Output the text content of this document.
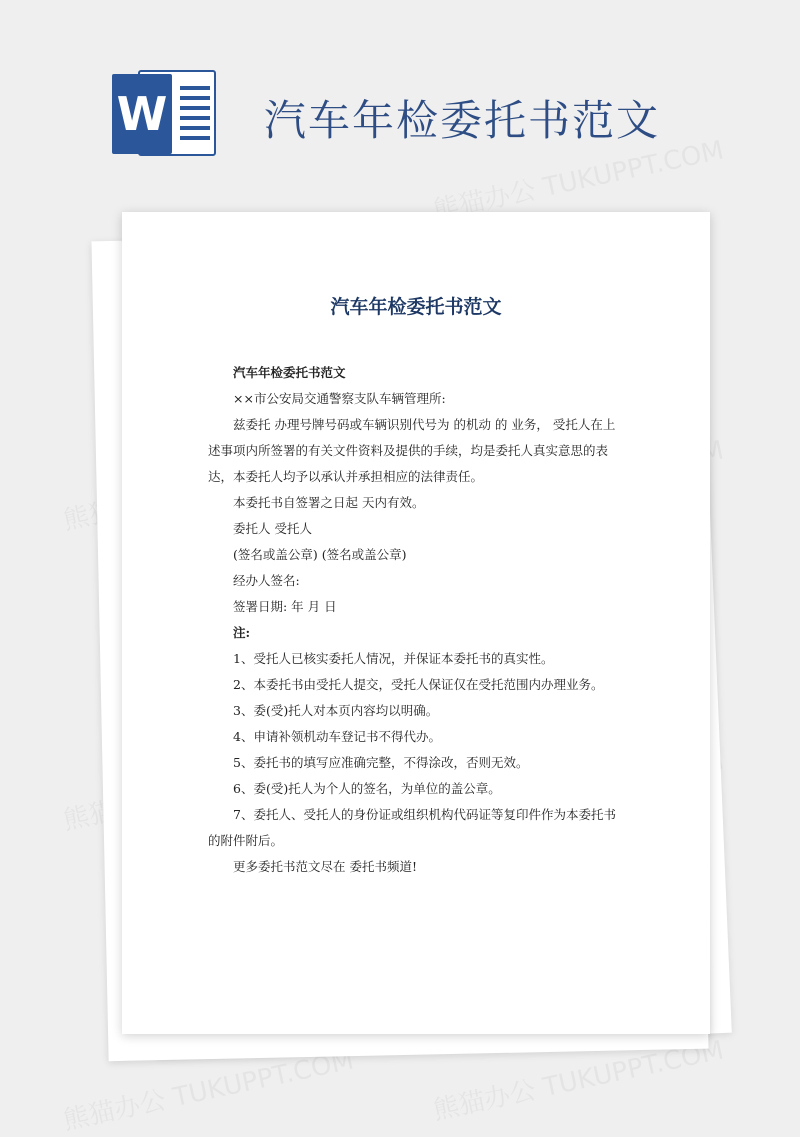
W 汽车年检委托书范文
汽车年检委托书范文

汽车年检委托书范文

××市公安局交通警察支队车辆管理所:

兹委托 办理号牌号码或车辆识别代号为 的机动 的 业务， 受托人在上述事项内所签署的有关文件资料及提供的手续，均是委托人真实意思的表达，本委托人均予以承认并承担相应的法律责任。

本委托书自签署之日起 天内有效。

委托人 受托人

(签名或盖公章) (签名或盖公章)

经办人签名:

签署日期: 年 月 日

注:

1、受托人已核实委托人情况，并保证本委托书的真实性。

2、本委托书由受托人提交，受托人保证仅在受托范围内办理业务。

3、委(受)托人对本页内容均以明确。

4、申请补领机动车登记书不得代办。

5、委托书的填写应准确完整，不得涂改，否则无效。

6、委(受)托人为个人的签名，为单位的盖公章。

7、委托人、受托人的身份证或组织机构代码证等复印件作为本委托书的附件附后。

更多委托书范文尽在 委托书频道!
